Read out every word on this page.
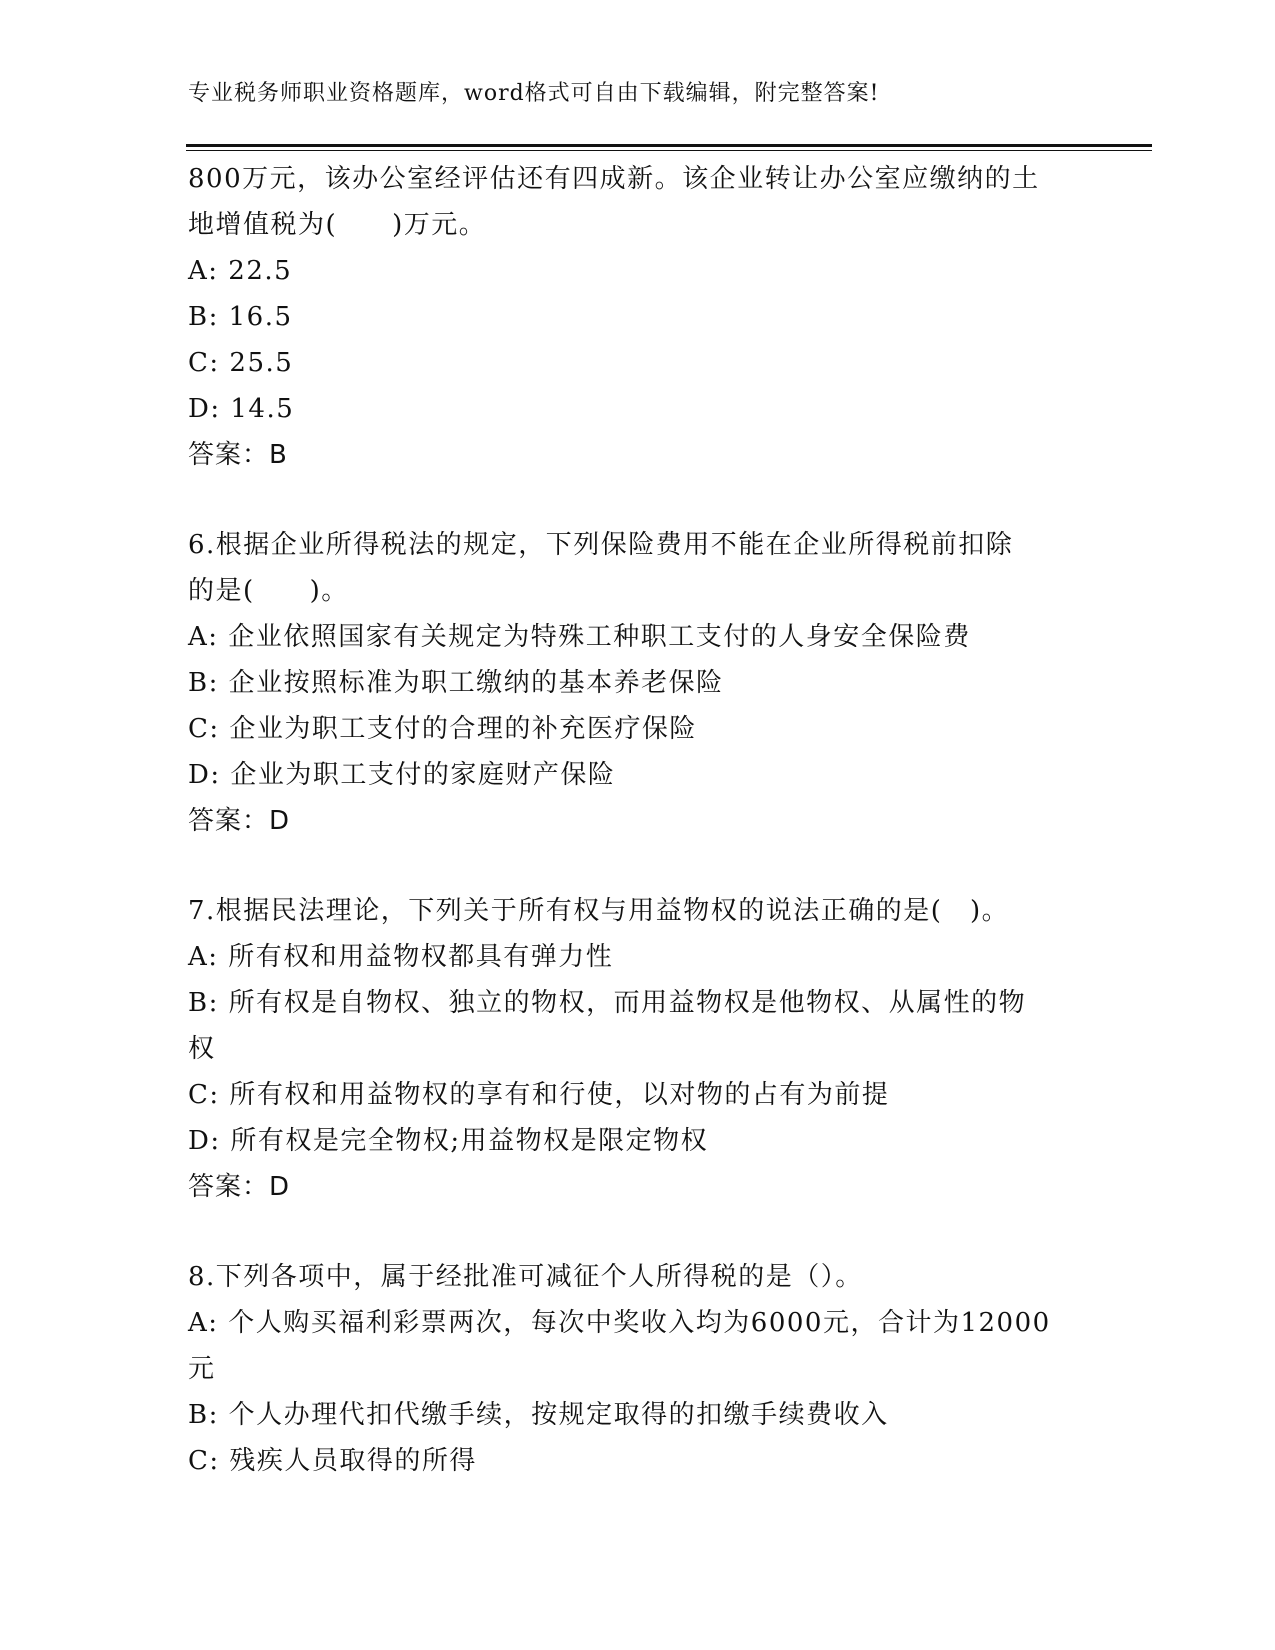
专业税务师职业资格题库，word格式可自由下载编辑，附完整答案!
800万元，该办公室经评估还有四成新。该企业转让办公室应缴纳的土
地增值税为(　　)万元。
A: 22.5
B: 16.5
C: 25.5
D: 14.5
答案：B
6.根据企业所得税法的规定，下列保险费用不能在企业所得税前扣除
的是(　　)。
A: 企业依照国家有关规定为特殊工种职工支付的人身安全保险费
B: 企业按照标准为职工缴纳的基本养老保险
C: 企业为职工支付的合理的补充医疗保险
D: 企业为职工支付的家庭财产保险
答案：D
7.根据民法理论，下列关于所有权与用益物权的说法正确的是(　)。
A: 所有权和用益物权都具有弹力性
B: 所有权是自物权、独立的物权，而用益物权是他物权、从属性的物
权
C: 所有权和用益物权的享有和行使，以对物的占有为前提
D: 所有权是完全物权;用益物权是限定物权
答案：D
8.下列各项中，属于经批准可减征个人所得税的是（）。
A: 个人购买福利彩票两次，每次中奖收入均为6000元，合计为12000
元
B: 个人办理代扣代缴手续，按规定取得的扣缴手续费收入
C: 残疾人员取得的所得
